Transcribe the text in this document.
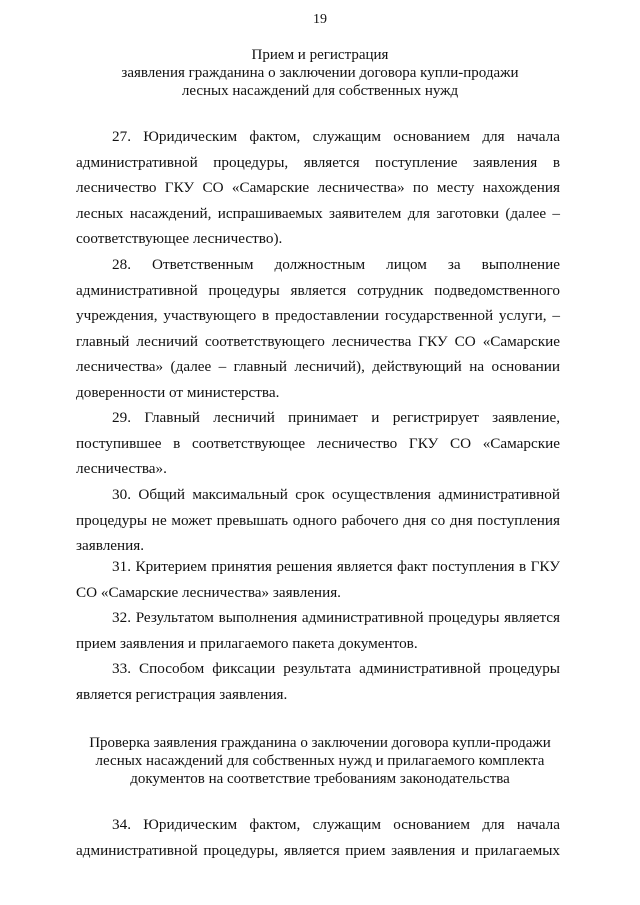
19
Прием и регистрация
заявления гражданина о заключении договора купли-продажи
лесных насаждений для собственных нужд
27. Юридическим фактом, служащим основанием для начала
административной процедуры, является поступление заявления в
лесничество ГКУ СО «Самарские лесничества» по месту нахождения
лесных насаждений, испрашиваемых заявителем для заготовки (далее –
соответствующее лесничество).
28. Ответственным должностным лицом за выполнение
административной процедуры является сотрудник подведомственного
учреждения, участвующего в предоставлении государственной услуги, –
главный лесничий соответствующего лесничества ГКУ СО «Самарские
лесничества» (далее – главный лесничий), действующий на основании
доверенности от министерства.
29. Главный лесничий принимает и регистрирует заявление,
поступившее в соответствующее лесничество ГКУ СО «Самарские
лесничества».
30. Общий максимальный срок осуществления административной
процедуры не может превышать одного рабочего дня со дня поступления
заявления.
31. Критерием принятия решения является факт поступления в ГКУ
СО «Самарские лесничества» заявления.
32. Результатом выполнения административной процедуры является
прием заявления и прилагаемого пакета документов.
33. Способом фиксации результата административной процедуры
является регистрация заявления.
Проверка заявления гражданина о заключении договора купли-продажи
лесных насаждений для собственных нужд и прилагаемого комплекта
документов на соответствие требованиям законодательства
34. Юридическим фактом, служащим основанием для начала
административной процедуры, является прием заявления и прилагаемых
